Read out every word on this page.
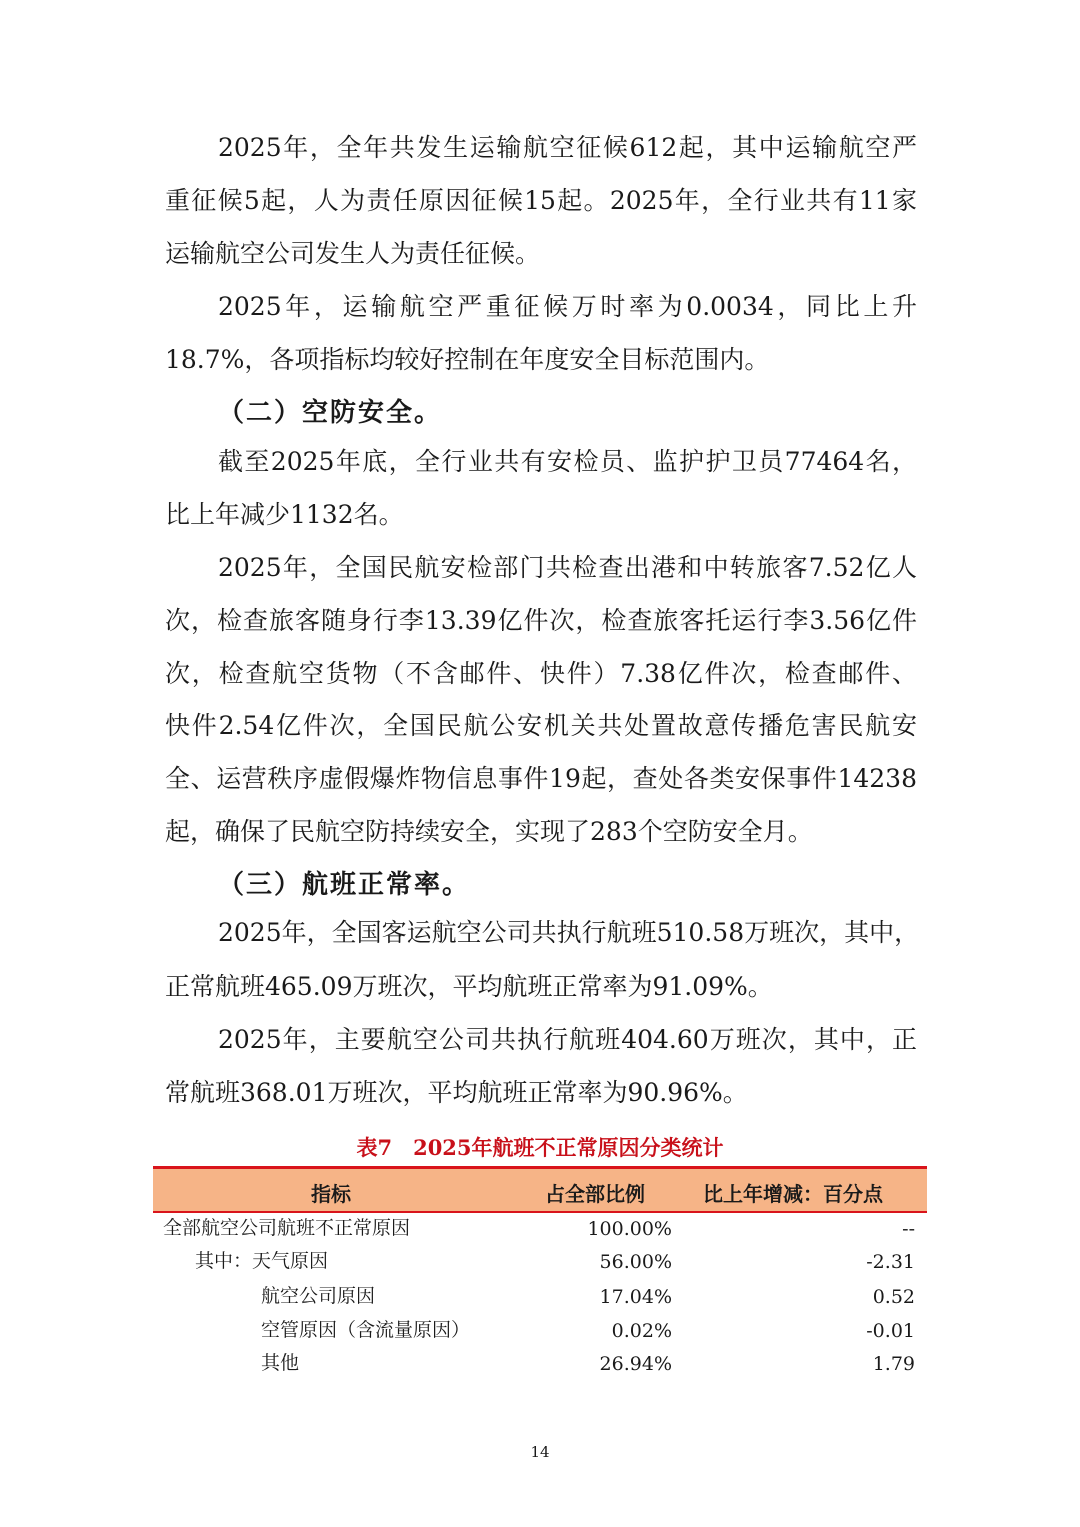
2025年，全年共发生运输航空征候612起，其中运输航空严
重征候5起，人为责任原因征候15起。2025年，全行业共有11家
运输航空公司发生人为责任征候。
2025年，运输航空严重征候万时率为0.0034，同比上升
18.7%，各项指标均较好控制在年度安全目标范围内。
（二）空防安全。
截至2025年底，全行业共有安检员、监护护卫员77464名，
比上年减少1132名。
2025年，全国民航安检部门共检查出港和中转旅客7.52亿人
次，检查旅客随身行李13.39亿件次，检查旅客托运行李3.56亿件
次，检查航空货物（不含邮件、快件）7.38亿件次，检查邮件、
快件2.54亿件次，全国民航公安机关共处置故意传播危害民航安
全、运营秩序虚假爆炸物信息事件19起，查处各类安保事件14238
起，确保了民航空防持续安全，实现了283个空防安全月。
（三）航班正常率。
2025年，全国客运航空公司共执行航班510.58万班次，其中，
正常航班465.09万班次，平均航班正常率为91.09%。
2025年，主要航空公司共执行航班404.60万班次，其中，正
常航班368.01万班次，平均航班正常率为90.96%。
表7　2025年航班不正常原因分类统计
指标	占全部比例	比上年增减：百分点
全部航空公司航班不正常原因	100.00%	--
其中：天气原因	56.00%	-2.31
航空公司原因	17.04%	0.52
空管原因（含流量原因）	0.02%	-0.01
其他	26.94%	1.79
14
